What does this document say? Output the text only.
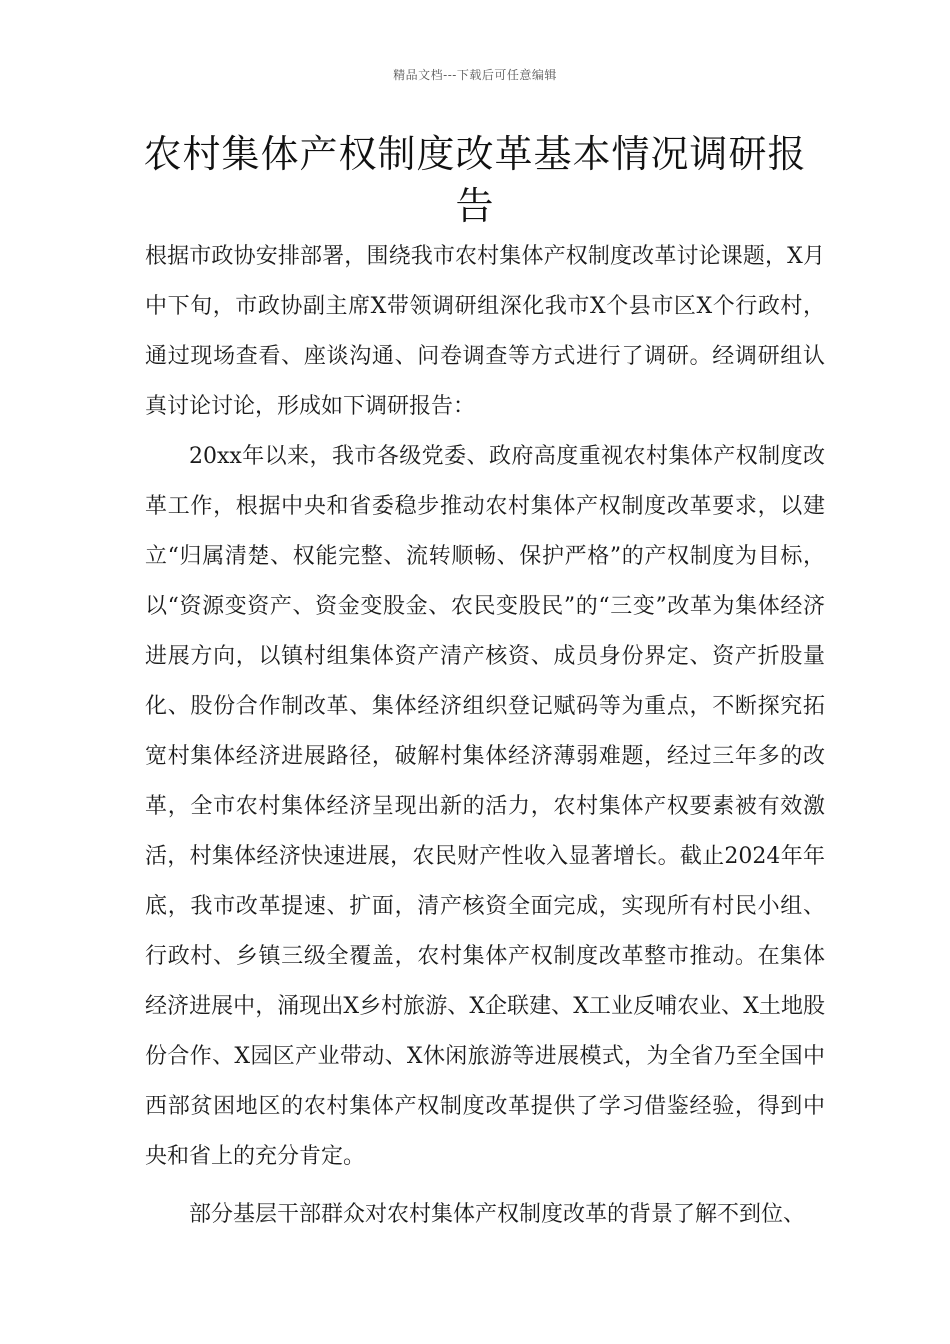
精品文档---下载后可任意编辑
农村集体产权制度改革基本情况调研报告

根据市政协安排部署，围绕我市农村集体产权制度改革讨论课题，X月中下旬，市政协副主席X带领调研组深化我市X个县市区X个行政村，通过现场查看、座谈沟通、问卷调查等方式进行了调研。经调研组认真讨论讨论，形成如下调研报告：

20xx年以来，我市各级党委、政府高度重视农村集体产权制度改革工作，根据中央和省委稳步推动农村集体产权制度改革要求，以建立“归属清楚、权能完整、流转顺畅、保护严格”的产权制度为目标，以“资源变资产、资金变股金、农民变股民”的“三变”改革为集体经济进展方向，以镇村组集体资产清产核资、成员身份界定、资产折股量化、股份合作制改革、集体经济组织登记赋码等为重点，不断探究拓宽村集体经济进展路径，破解村集体经济薄弱难题，经过三年多的改革，全市农村集体经济呈现出新的活力，农村集体产权要素被有效激活，村集体经济快速进展，农民财产性收入显著增长。截止2024年年底，我市改革提速、扩面，清产核资全面完成，实现所有村民小组、行政村、乡镇三级全覆盖，农村集体产权制度改革整市推动。在集体经济进展中，涌现出X乡村旅游、X企联建、X工业反哺农业、X土地股份合作、X园区产业带动、X休闲旅游等进展模式，为全省乃至全国中西部贫困地区的农村集体产权制度改革提供了学习借鉴经验，得到中央和省上的充分肯定。

部分基层干部群众对农村集体产权制度改革的背景了解不到位、
